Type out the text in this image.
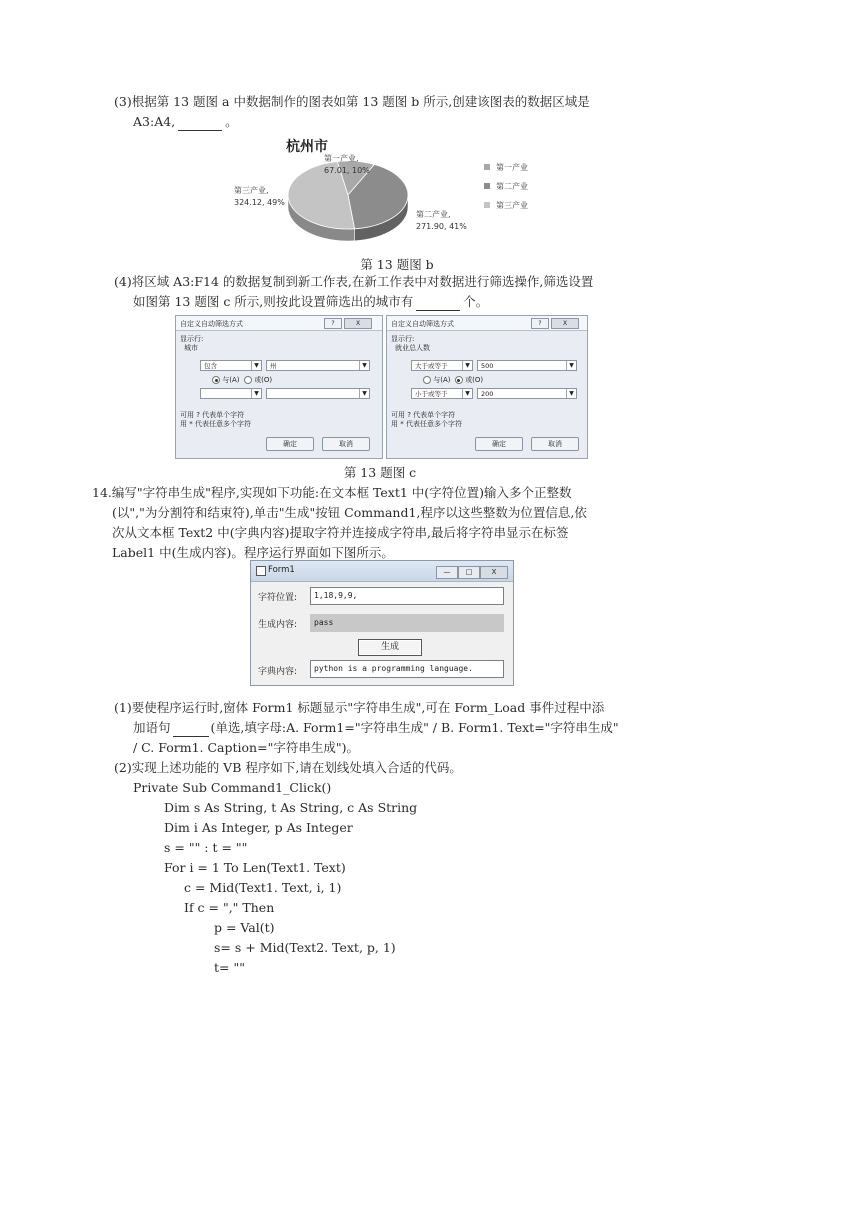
(3)根据第 13 题图 a 中数据制作的图表如第 13 题图 b 所示,创建该图表的数据区域是
A3:A4,	。
杭州市
第一产业,
67.01, 10%
第二产业,
271.90, 41%
第三产业,
324.12, 49%
第一产业
第二产业
第三产业
第 13 题图 b
(4)将区域 A3:F14 的数据复制到新工作表,在新工作表中对数据进行筛选操作,筛选设置
如图第 13 题图 c 所示,则按此设置筛选出的城市有	个。
自定义自动筛选方式	?	X
显示行:
城市
包含	▼	州	▼
与(A) 或(O)
▼	▼
可用 ? 代表单个字符
用 * 代表任意多个字符
确定	取消
自定义自动筛选方式	?	X
显示行:
就业总人数
大于或等于	▼	500	▼
与(A) 或(O)
小于或等于	▼	200	▼
可用 ? 代表单个字符
用 * 代表任意多个字符
确定	取消
第 13 题图 c
14.编写"字符串生成"程序,实现如下功能:在文本框 Text1 中(字符位置)输入多个正整数
(以","为分割符和结束符),单击"生成"按钮 Command1,程序以这些整数为位置信息,依
次从文本框 Text2 中(字典内容)提取字符并连接成字符串,最后将字符串显示在标签
Label1 中(生成内容)。程序运行界面如下图所示。
Form1	—	□	X
字符位置:	1,18,9,9,
生成内容:	pass
生成
字典内容:	python is a programming language.
(1)要使程序运行时,窗体 Form1 标题显示"字符串生成",可在 Form_Load 事件过程中添
加语句	(单选,填字母:A. Form1="字符串生成" / B. Form1. Text="字符串生成"
/ C. Form1. Caption="字符串生成")。
(2)实现上述功能的 VB 程序如下,请在划线处填入合适的代码。
Private Sub Command1_Click()
Dim s As String, t As String, c As String
Dim i As Integer, p As Integer
s = "" : t = ""
For i = 1 To Len(Text1. Text)
c = Mid(Text1. Text, i, 1)
If c = "," Then
p = Val(t)
s= s + Mid(Text2. Text, p, 1)
t= ""
